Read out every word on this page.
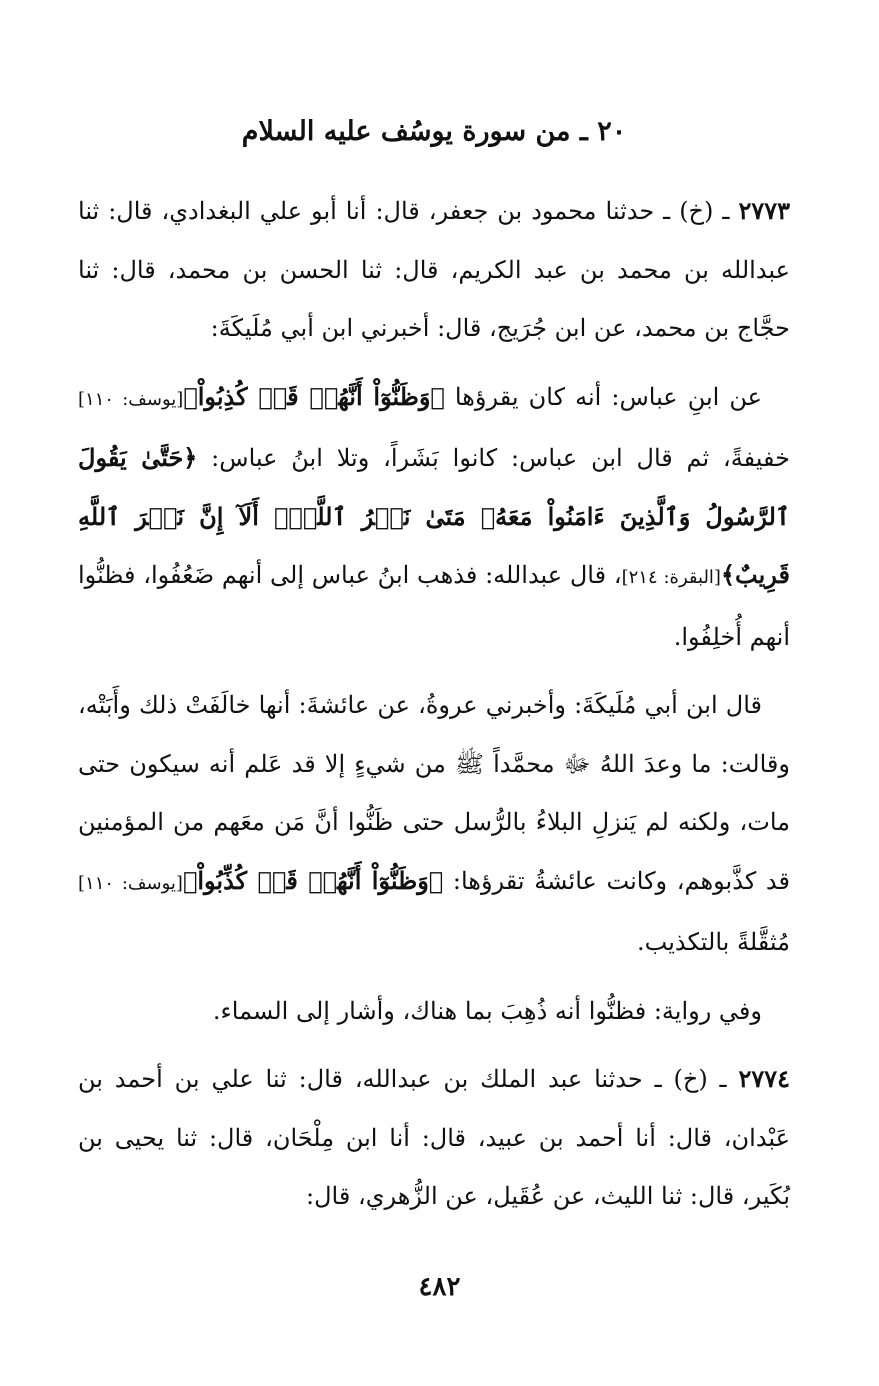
٢٠ ـ من سورة يوسُف عليه السلام

٢٧٧٣ ـ (خ) ـ حدثنا محمود بن جعفر، قال: أنا أبو علي البغدادي، قال: ثنا عبدالله بن محمد بن عبد الكريم، قال: ثنا الحسن بن محمد، قال: ثنا حجَّاج بن محمد، عن ابن جُرَيج، قال: أخبرني ابن أبي مُلَيكَةَ:

عن ابنِ عباس: أنه كان يقرؤها ﴿وَظَنُّوٓاْ أَنَّهُمۡ قَدۡ كُذِبُواْ﴾[يوسف: ١١٠] خفيفةً، ثم قال ابن عباس: كانوا بَشَراً، وتلا ابنُ عباس: ﴿حَتَّىٰ يَقُولَ ٱلرَّسُولُ وَٱلَّذِينَ ءَامَنُواْ مَعَهُۥ مَتَىٰ نَصۡرُ ٱللَّهِۗ أَلَآ إِنَّ نَصۡرَ ٱللَّهِ قَرِيبٌ﴾[البقرة: ٢١٤]، قال عبدالله: فذهب ابنُ عباس إلى أنهم ضَعُفُوا، فظنُّوا أنهم أُخلِفُوا.

قال ابن أبي مُلَيكَةَ: وأخبرني عروةُ، عن عائشةَ: أنها خالَفَتْ ذلك وأَبَتْه، وقالت: ما وعدَ اللهُ ﷻ محمَّداً ﷺ من شيءٍ إلا قد عَلم أنه سيكون حتى مات، ولكنه لم يَنزلِ البلاءُ بالرُّسل حتى ظَنُّوا أنَّ مَن معَهم من المؤمنين قد كذَّبوهم، وكانت عائشةُ تقرؤها: ﴿وَظَنُّوٓاْ أَنَّهُمۡ قَدۡ كُذِّبُواْ﴾[يوسف: ١١٠] مُثقَّلةً بالتكذيب.

وفي رواية: فظنُّوا أنه ذُهِبَ بما هناك، وأشار إلى السماء.

٢٧٧٤ ـ (خ) ـ حدثنا عبد الملك بن عبدالله، قال: ثنا علي بن أحمد بن عَبْدان، قال: أنا أحمد بن عبيد، قال: أنا ابن مِلْحَان، قال: ثنا يحيى بن بُكَير، قال: ثنا الليث، عن عُقَيل، عن الزُّهري، قال:

٤٨٢
